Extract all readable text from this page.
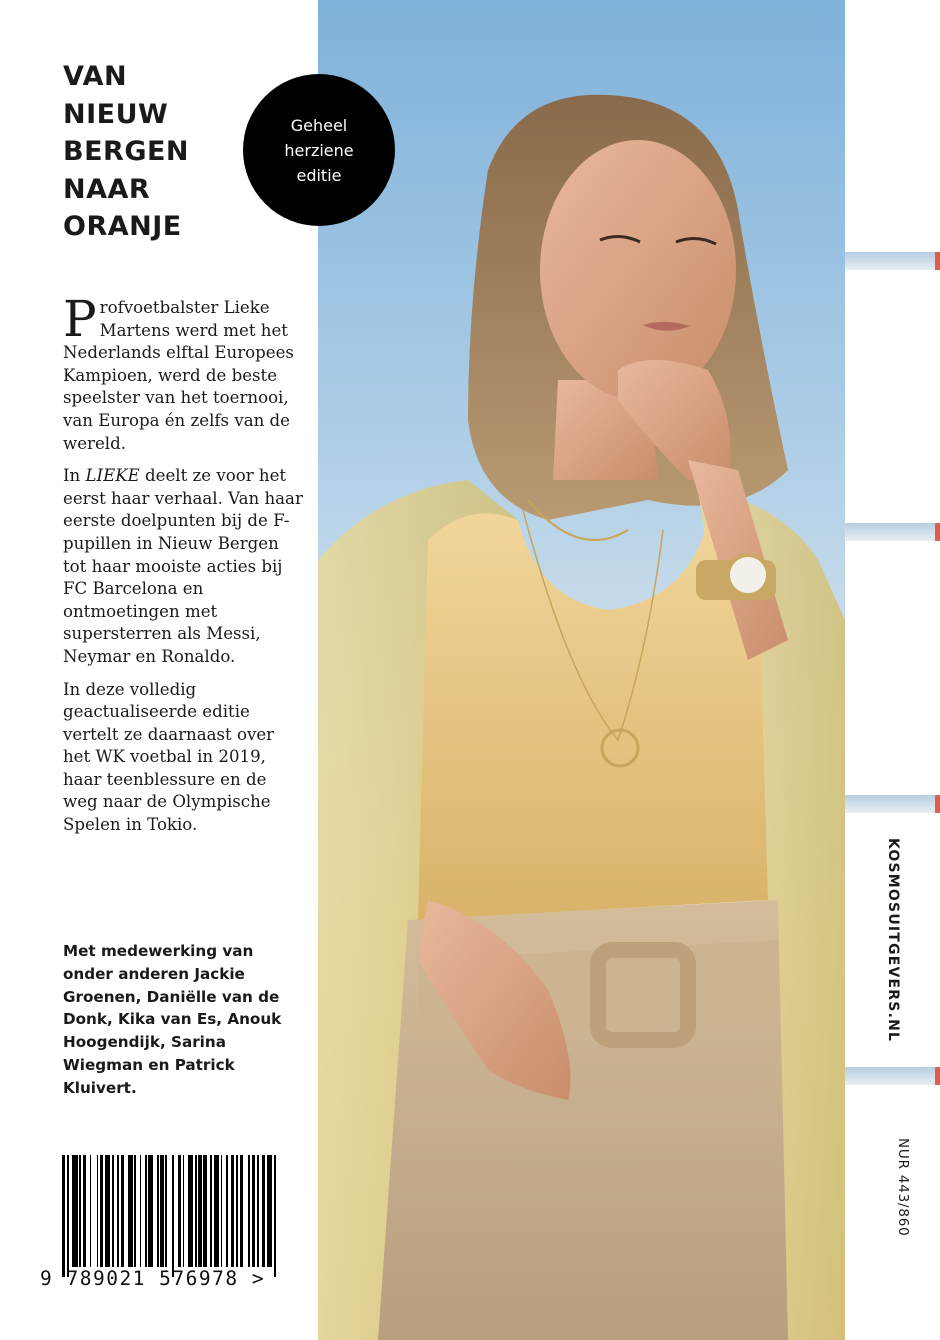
VAN
NIEUW
BERGEN
NAAR
ORANJE

Profvoetbalster Lieke Martens werd met het Nederlands elftal Europees Kampioen, werd de beste speelster van het toernooi, van Europa én zelfs van de wereld.

In LIEKE deelt ze voor het eerst haar verhaal. Van haar eerste doelpunten bij de F-pupillen in Nieuw Bergen tot haar mooiste acties bij FC Barcelona en ontmoetingen met supersterren als Messi, Neymar en Ronaldo.

In deze volledig geactualiseerde editie vertelt ze daarnaast over het WK voetbal in 2019, haar teenblessure en de weg naar de Olympische Spelen in Tokio.

Met medewerking van onder anderen Jackie Groenen, Daniëlle van de Donk, Kika van Es, Anouk Hoogendijk, Sarina Wiegman en Patrick Kluivert.

9 789021 576978 >
Geheel
herziene
editie
KOSMOSUITGEVERS.NL
NUR 443/860
